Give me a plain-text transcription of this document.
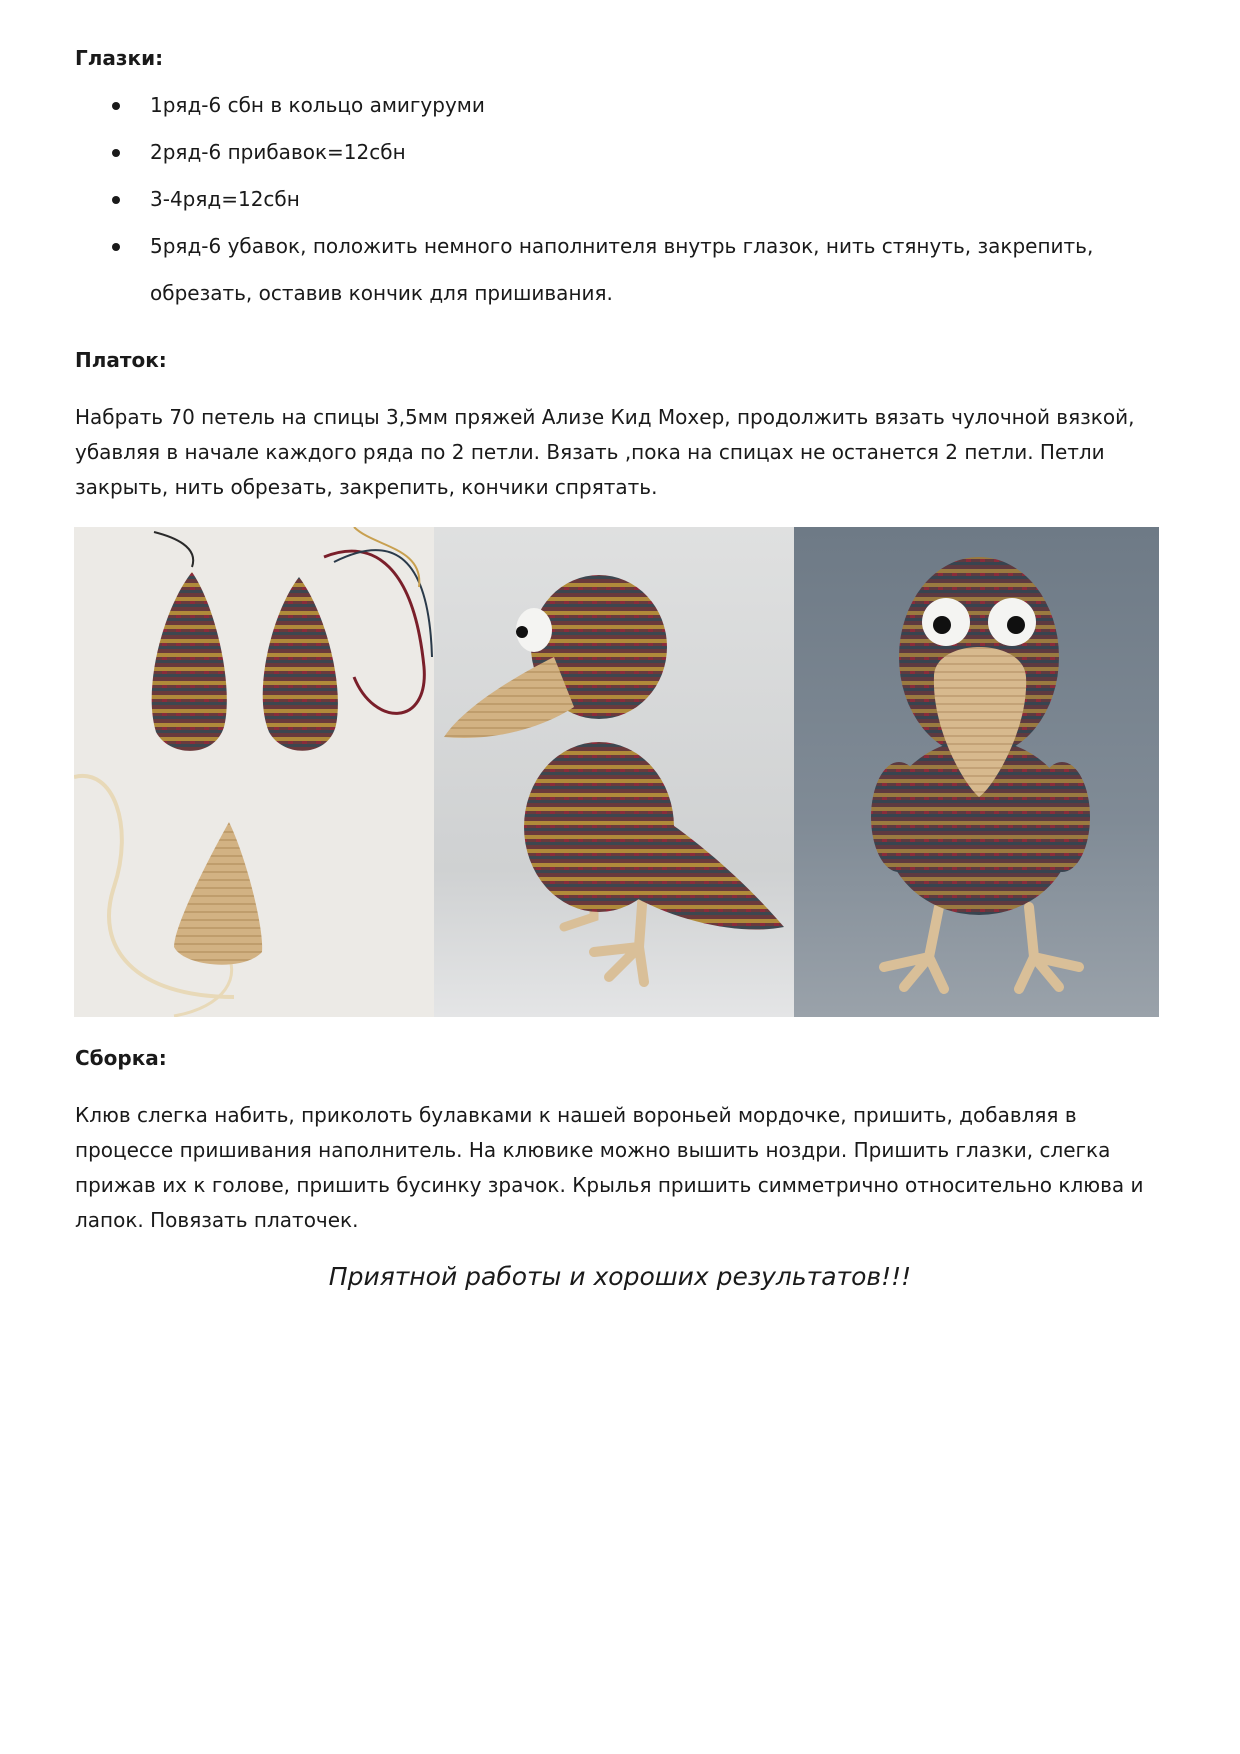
Глазки:
1ряд-6 сбн в кольцо амигуруми
2ряд-6 прибавок=12сбн
3-4ряд=12сбн
5ряд-6 убавок, положить немного наполнителя внутрь глазок, нить стянуть, закрепить, обрезать, оставив кончик для пришивания.
Платок:

Набрать 70 петель на спицы 3,5мм пряжей Ализе Кид Мохер, продолжить вязать чулочной вязкой, убавляя в начале каждого ряда по 2 петли. Вязать ,пока на спицах не останется 2 петли. Петли закрыть, нить обрезать, закрепить, кончики спрятать.

Сборка:

Клюв слегка набить, приколоть булавками к нашей вороньей мордочке, пришить, добавляя в процессе пришивания наполнитель. На клювике можно вышить ноздри. Пришить глазки, слегка прижав их к голове, пришить бусинку зрачок. Крылья пришить симметрично относительно клюва и лапок. Повязать платочек.

Приятной работы и хороших результатов!!!
